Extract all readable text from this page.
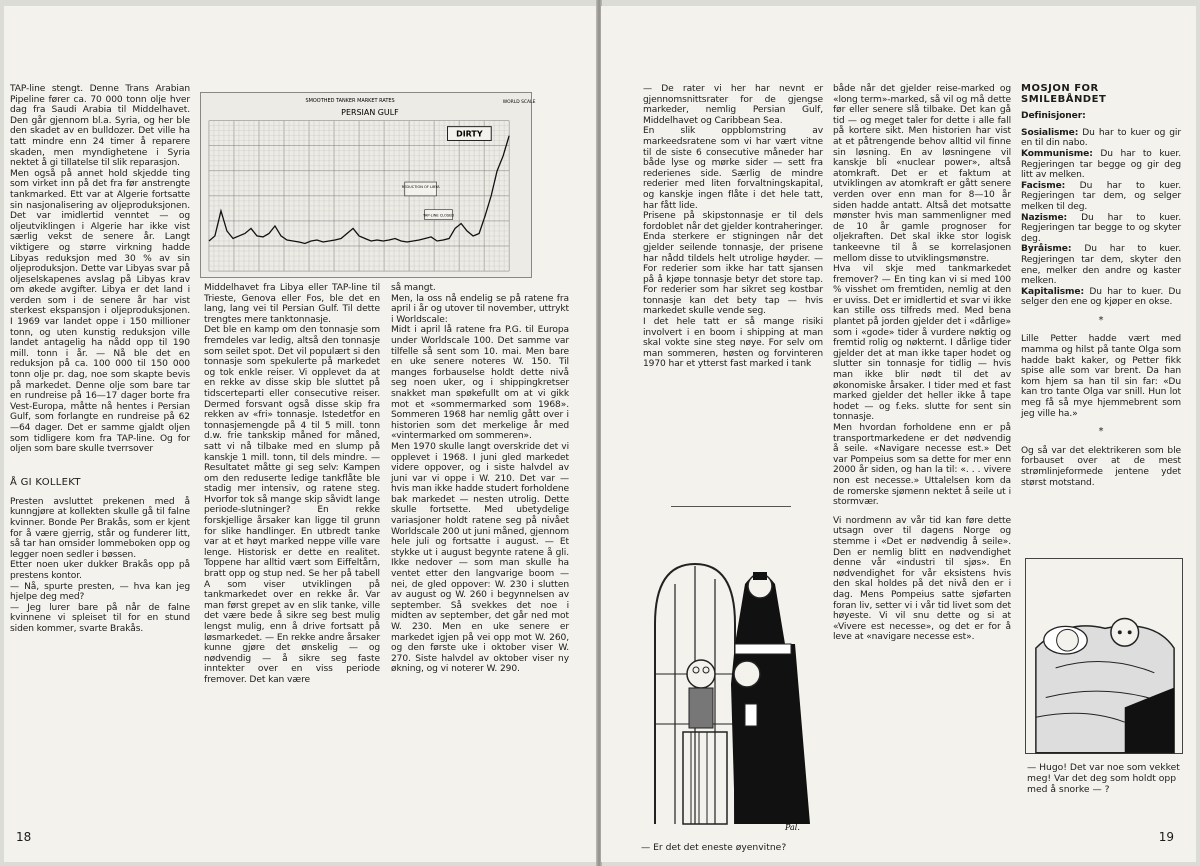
TAP-line stengt. Denne Trans Arabian Pipeline fører ca. 70 000 tonn olje hver dag fra Saudi Arabia til Middelhavet. Den går gjennom bl.a. Syria, og her ble den skadet av en bulldozer. Det ville ha tatt mindre enn 24 timer å reparere skaden, men myndighetene i Syria nektet å gi tillatelse til slik reparasjon.

Men også på annet hold skjedde ting som virket inn på det fra før anstrengte tankmarked. Ett var at Algerie fortsatte sin nasjonalisering av oljeproduksjonen. Det var imidlertid venntet — og oljeutviklingen i Algerie har ikke vist særlig vekst de senere år. Langt viktigere og større virkning hadde Libyas reduksjon med 30 % av sin oljeproduksjon. Dette var Libyas svar på oljeselskapenes avslag på Libyas krav om økede avgifter. Libya er det land i verden som i de senere år har vist sterkest ekspansjon i oljeproduksjonen. I 1969 var landet oppe i 150 millioner tonn, og uten kunstig reduksjon ville landet antagelig ha nådd opp til 190 mill. tonn i år. — Nå ble det en reduksjon på ca. 100 000 til 150 000 tonn olje pr. dag, noe som skapte bevis på markedet. Denne olje som bare tar en rundreise på 16—17 dager borte fra Vest-Europa, måtte nå hentes i Persian Gulf, som forlangte en rundreise på 62—64 dager. Det er samme gjaldt oljen som tidligere kom fra TAP-line. Og for oljen som bare skulle tverrsover

Å GI KOLLEKT

Presten avsluttet prekenen med å kunngjøre at kollekten skulle gå til falne kvinner. Bonde Per Brakås, som er kjent for å være gjerrig, står og funderer litt, så tar han omsider lommeboken opp og legger noen sedler i bøssen.

Etter noen uker dukker Brakås opp på prestens kontor.

— Nå, spurte presten, — hva kan jeg hjelpe deg med?

— Jeg lurer bare på når de falne kvinnene vi spleiset til for en stund siden kommer, svarte Brakås.

SMOOTHED TANKER MARKET RATES
PERSIAN GULF
WORLD SCALE
DIRTY
REDUCTION OF LIBYA
TAP-LINE CLOSED

Middelhavet fra Libya eller TAP-line til Trieste, Genova eller Fos, ble det en lang, lang vei til Persian Gulf. Til dette trengtes mere tanktonnasje.

Det ble en kamp om den tonnasje som fremdeles var ledig, altså den tonnasje som seilet spot. Det vil populært si den tonnasje som spekulerte på markedet og tok enkle reiser. Vi opplevet da at en rekke av disse skip ble sluttet på tidscerteparti eller consecutive reiser. Dermed forsvant også disse skip fra rekken av «fri» tonnasje. Istedetfor en tonnasjemengde på 4 til 5 mill. tonn d.w. frie tankskip måned for måned, satt vi nå tilbake med en slump på kanskje 1 mill. tonn, til dels mindre. — Resultatet måtte gi seg selv: Kampen om den reduserte ledige tankflåte ble stadig mer intensiv, og ratene steg. Hvorfor tok så mange skip såvidt lange periode-slutninger? En rekke forskjellige årsaker kan ligge til grunn for slike handlinger. En utbredt tanke var at et høyt marked neppe ville vare lenge. Historisk er dette en realitet. Toppene har alltid vært som Eiffeltårn, bratt opp og stup ned. Se her på tabell A som viser utviklingen på tankmarkedet over en rekke år. Var man først grepet av en slik tanke, ville det være bede å sikre seg best mulig lengst mulig, enn å drive fortsatt på løsmarkedet. — En rekke andre årsaker kunne gjøre det ønskelig — og nødvendig — å sikre seg faste inntekter over en viss periode fremover. Det kan være

så mangt.

Men, la oss nå endelig se på ratene fra april i år og utover til november, uttrykt i Worldscale:

Midt i april lå ratene fra P.G. til Europa under Worldscale 100. Det samme var tilfelle så sent som 10. mai. Men bare en uke senere noteres W. 150. Til manges forbauselse holdt dette nivå seg noen uker, og i shippingkretser snakket man spøkefullt om at vi gikk mot et «sommermarked som 1968». Sommeren 1968 har nemlig gått over i historien som det merkelige år med «vintermarked om sommeren».

Men 1970 skulle langt overskride det vi opplevet i 1968. I juni gled markedet videre oppover, og i siste halvdel av juni var vi oppe i W. 210. Det var — hvis man ikke hadde studert forholdene bak markedet — nesten utrolig. Dette skulle fortsette. Med ubetydelige variasjoner holdt ratene seg på nivået Worldscale 200 ut juni måned, gjennom hele juli og fortsatte i august. — Et stykke ut i august begynte ratene å gli. Ikke nedover — som man skulle ha ventet etter den langvarige boom — nei, de gled oppover: W. 230 i slutten av august og W. 260 i begynnelsen av september. Så svekkes det noe i midten av september, det går ned mot W. 230. Men en uke senere er markedet igjen på vei opp mot W. 260, og den første uke i oktober viser W. 270. Siste halvdel av oktober viser ny økning, og vi noterer W. 290.

18

— De rater vi her har nevnt er gjennomsnittsrater for de gjengse markeder, nemlig Persian Gulf, Middelhavet og Caribbean Sea.

En slik oppblomstring av markeedsratene som vi har vært vitne til de siste 6 consecutive måneder har både lyse og mørke sider — sett fra rederienes side. Særlig de mindre rederier med liten forvaltningskapital, og kanskje ingen flåte i det hele tatt, har fått lide.

Prisene på skipstonnasje er til dels fordoblet når det gjelder kontraheringer. Enda sterkere er stigningen når det gjelder seilende tonnasje, der prisene har nådd tildels helt utrolige høyder. — For rederier som ikke har tatt sjansen på å kjøpe tonnasje betyr det store tap. For rederier som har sikret seg kostbar tonnasje kan det bety tap — hvis markedet skulle vende seg.

I det hele tatt er så mange risiki involvert i en boom i shipping at man skal vokte sine steg nøye. For selv om man sommeren, høsten og forvinteren 1970 har et ytterst fast marked i tank

Pal.
— Er det det eneste øyenvitne?

både når det gjelder reise-marked og «long term»-marked, så vil og må dette før eller senere slå tilbake. Det kan gå tid — og meget taler for dette i alle fall på kortere sikt. Men historien har vist at et påtrengende behov alltid vil finne sin løsning. En av løsningene vil kanskje bli «nuclear power», altså atomkraft. Det er et faktum at utviklingen av atomkraft er gått senere verden over enn man for 8—10 år siden hadde antatt. Altså det motsatte mønster hvis man sammenligner med de 10 år gamle prognoser for oljekraften. Det skal ikke stor logisk tankeevne til å se korrelasjonen mellom disse to utviklingsmønstre.

Hva vil skje med tankmarkedet fremover? — En ting kan vi si med 100 % visshet om fremtiden, nemlig at den er uviss. Det er imidlertid et svar vi ikke kan stille oss tilfreds med. Med bena plantet på jorden gjelder det i «dårlige» som i «gode» tider å vurdere nøktig og fremtid rolig og nøkternt. I dårlige tider gjelder det at man ikke taper hodet og slutter sin tonnasje for tidlig — hvis man ikke blir nødt til det av økonomiske årsaker. I tider med et fast marked gjelder det heller ikke å tape hodet — og f.eks. slutte for sent sin tonnasje.

Men hvordan forholdene enn er på transportmarkedene er det nødvendig å seile. «Navigare necesse est.» Det var Pompeius som sa dette for mer enn 2000 år siden, og han la til: «. . . vivere non est necesse.» Uttalelsen kom da de romerske sjømenn nektet å seile ut i stormvær.

Vi nordmenn av vår tid kan føre dette utsagn over til dagens Norge og stemme i «Det er nødvendig å seile». Den er nemlig blitt en nødvendighet denne vår «industri til sjøs». En nødvendighet for vår eksistens hvis den skal holdes på det nivå den er i dag. Mens Pompeius satte sjøfarten foran liv, setter vi i vår tid livet som det høyeste. Vi vil snu dette og si at «Vivere est necesse», og det er for å leve at «navigare necesse est».

MOSJON FOR SMILEBÅNDET
Definisjoner:

Sosialisme: Du har to kuer og gir en til din nabo.

Kommunisme: Du har to kuer. Regjeringen tar begge og gir deg litt av melken.

Facisme: Du har to kuer. Regjeringen tar dem, og selger melken til deg.

Nazisme: Du har to kuer. Regjeringen tar begge to og skyter deg.

Byråisme: Du har to kuer. Regjeringen tar dem, skyter den ene, melker den andre og kaster melken.

Kapitalisme: Du har to kuer. Du selger den ene og kjøper en okse.

*

Lille Petter hadde vært med mamma og hilst på tante Olga som hadde bakt kaker, og Petter fikk spise alle som var brent. Da han kom hjem sa han til sin far: «Du kan tro tante Olga var snill. Hun lot meg få så mye hjemmebrent som jeg ville ha.»

*

Og så var det elektrikeren som ble forbauset over at de mest strømlinjeformede jentene ydet størst motstand.

— Hugo! Det var noe som vekket meg! Var det deg som holdt opp med å snorke — ?
19
